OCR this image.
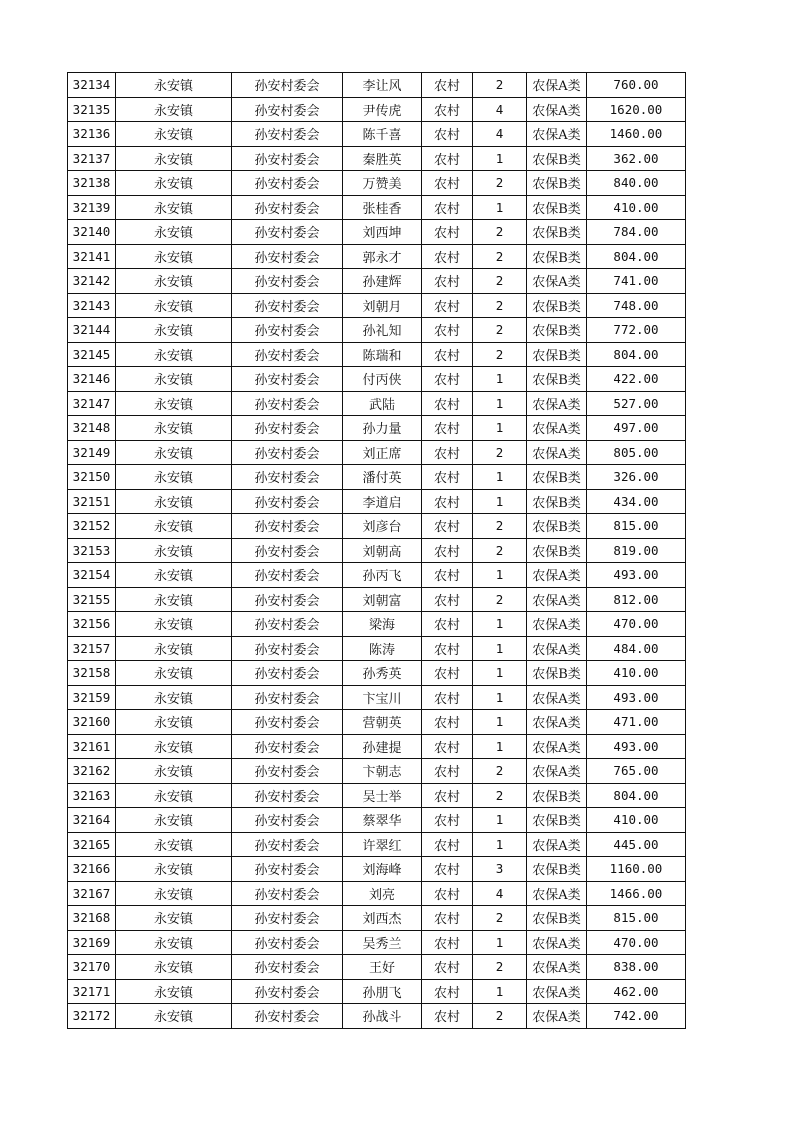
32134	永安镇	孙安村委会	李让风	农村	2	农保A类	760.00
32135	永安镇	孙安村委会	尹传虎	农村	4	农保A类	1620.00
32136	永安镇	孙安村委会	陈千喜	农村	4	农保A类	1460.00
32137	永安镇	孙安村委会	秦胜英	农村	1	农保B类	362.00
32138	永安镇	孙安村委会	万赞美	农村	2	农保B类	840.00
32139	永安镇	孙安村委会	张桂香	农村	1	农保B类	410.00
32140	永安镇	孙安村委会	刘西坤	农村	2	农保B类	784.00
32141	永安镇	孙安村委会	郭永才	农村	2	农保B类	804.00
32142	永安镇	孙安村委会	孙建辉	农村	2	农保A类	741.00
32143	永安镇	孙安村委会	刘朝月	农村	2	农保B类	748.00
32144	永安镇	孙安村委会	孙礼知	农村	2	农保B类	772.00
32145	永安镇	孙安村委会	陈瑞和	农村	2	农保B类	804.00
32146	永安镇	孙安村委会	付丙侠	农村	1	农保B类	422.00
32147	永安镇	孙安村委会	武陆	农村	1	农保A类	527.00
32148	永安镇	孙安村委会	孙力量	农村	1	农保A类	497.00
32149	永安镇	孙安村委会	刘正席	农村	2	农保A类	805.00
32150	永安镇	孙安村委会	潘付英	农村	1	农保B类	326.00
32151	永安镇	孙安村委会	李道启	农村	1	农保B类	434.00
32152	永安镇	孙安村委会	刘彦台	农村	2	农保B类	815.00
32153	永安镇	孙安村委会	刘朝高	农村	2	农保B类	819.00
32154	永安镇	孙安村委会	孙丙飞	农村	1	农保A类	493.00
32155	永安镇	孙安村委会	刘朝富	农村	2	农保A类	812.00
32156	永安镇	孙安村委会	梁海	农村	1	农保A类	470.00
32157	永安镇	孙安村委会	陈涛	农村	1	农保A类	484.00
32158	永安镇	孙安村委会	孙秀英	农村	1	农保B类	410.00
32159	永安镇	孙安村委会	卞宝川	农村	1	农保A类	493.00
32160	永安镇	孙安村委会	营朝英	农村	1	农保A类	471.00
32161	永安镇	孙安村委会	孙建提	农村	1	农保A类	493.00
32162	永安镇	孙安村委会	卞朝志	农村	2	农保A类	765.00
32163	永安镇	孙安村委会	吴士举	农村	2	农保B类	804.00
32164	永安镇	孙安村委会	蔡翠华	农村	1	农保B类	410.00
32165	永安镇	孙安村委会	许翠红	农村	1	农保A类	445.00
32166	永安镇	孙安村委会	刘海峰	农村	3	农保B类	1160.00
32167	永安镇	孙安村委会	刘亮	农村	4	农保A类	1466.00
32168	永安镇	孙安村委会	刘西杰	农村	2	农保B类	815.00
32169	永安镇	孙安村委会	吴秀兰	农村	1	农保A类	470.00
32170	永安镇	孙安村委会	王好	农村	2	农保A类	838.00
32171	永安镇	孙安村委会	孙朋飞	农村	1	农保A类	462.00
32172	永安镇	孙安村委会	孙战斗	农村	2	农保A类	742.00
